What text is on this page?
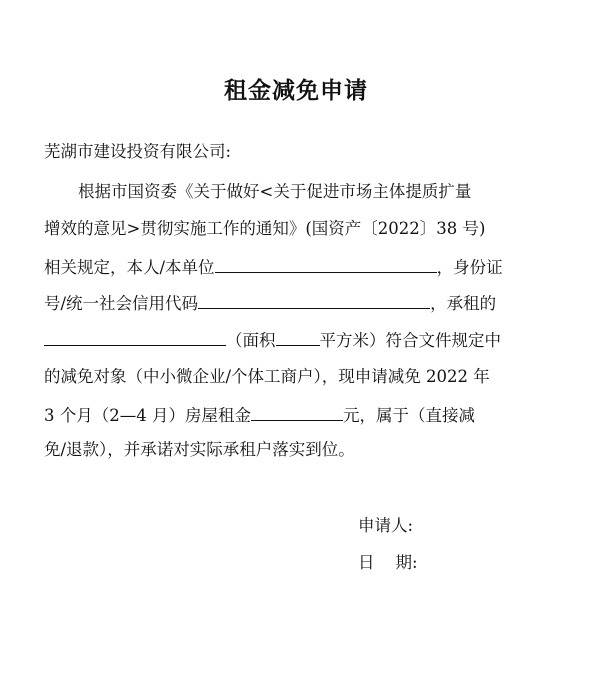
租金减免申请
芜湖市建设投资有限公司:
根据市国资委《关于做好<关于促进市场主体提质扩量
增效的意见>贯彻实施工作的通知》(国资产〔2022〕38 号)
相关规定，本人/本单位	，身份证
号/统一社会信用代码	，承租的
（面积	平方米）符合文件规定中
的减免对象（中小微企业/个体工商户），现申请减免 2022 年
3 个月（2—4 月）房屋租金	元，属于（直接减
免/退款），并承诺对实际承租户落实到位。
申请人:
日    期:
